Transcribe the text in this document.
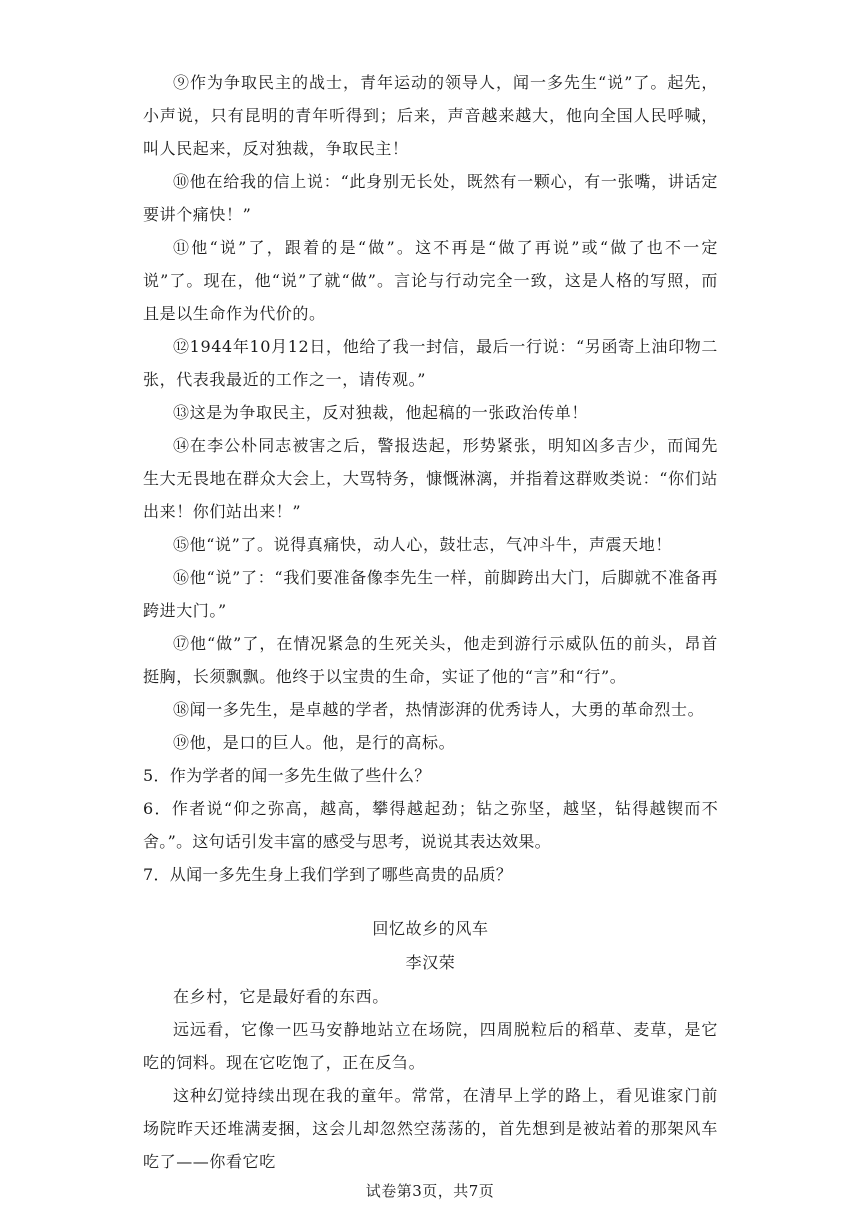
⑨作为争取民主的战士，青年运动的领导人，闻一多先生“说”了。起先，小声说，只有昆明的青年听得到；后来，声音越来越大，他向全国人民呼喊，叫人民起来，反对独裁，争取民主！

⑩他在给我的信上说：“此身别无长处，既然有一颗心，有一张嘴，讲话定要讲个痛快！”

⑪他“说”了，跟着的是“做”。这不再是“做了再说”或“做了也不一定说”了。现在，他“说”了就“做”。言论与行动完全一致，这是人格的写照，而且是以生命作为代价的。

⑫1944年10月12日，他给了我一封信，最后一行说：“另函寄上油印物二张，代表我最近的工作之一，请传观。”

⑬这是为争取民主，反对独裁，他起稿的一张政治传单！

⑭在李公朴同志被害之后，警报迭起，形势紧张，明知凶多吉少，而闻先生大无畏地在群众大会上，大骂特务，慷慨淋漓，并指着这群败类说：“你们站出来！你们站出来！”

⑮他“说”了。说得真痛快，动人心，鼓壮志，气冲斗牛，声震天地！

⑯他“说”了：“我们要准备像李先生一样，前脚跨出大门，后脚就不准备再跨进大门。”

⑰他“做”了，在情况紧急的生死关头，他走到游行示威队伍的前头，昂首挺胸，长须飘飘。他终于以宝贵的生命，实证了他的“言”和“行”。

⑱闻一多先生，是卓越的学者，热情澎湃的优秀诗人，大勇的革命烈士。

⑲他，是口的巨人。他，是行的高标。

5．作为学者的闻一多先生做了些什么？

6．作者说“仰之弥高，越高，攀得越起劲；钻之弥坚，越坚，钻得越锲而不舍。”。这句话引发丰富的感受与思考，说说其表达效果。

7．从闻一多先生身上我们学到了哪些高贵的品质？

回忆故乡的风车
李汉荣

在乡村，它是最好看的东西。

远远看，它像一匹马安静地站立在场院，四周脱粒后的稻草、麦草，是它吃的饲料。现在它吃饱了，正在反刍。

这种幻觉持续出现在我的童年。常常，在清早上学的路上，看见谁家门前场院昨天还堆满麦捆，这会儿却忽然空荡荡的，首先想到是被站着的那架风车吃了——你看它吃

试卷第3页，共7页
